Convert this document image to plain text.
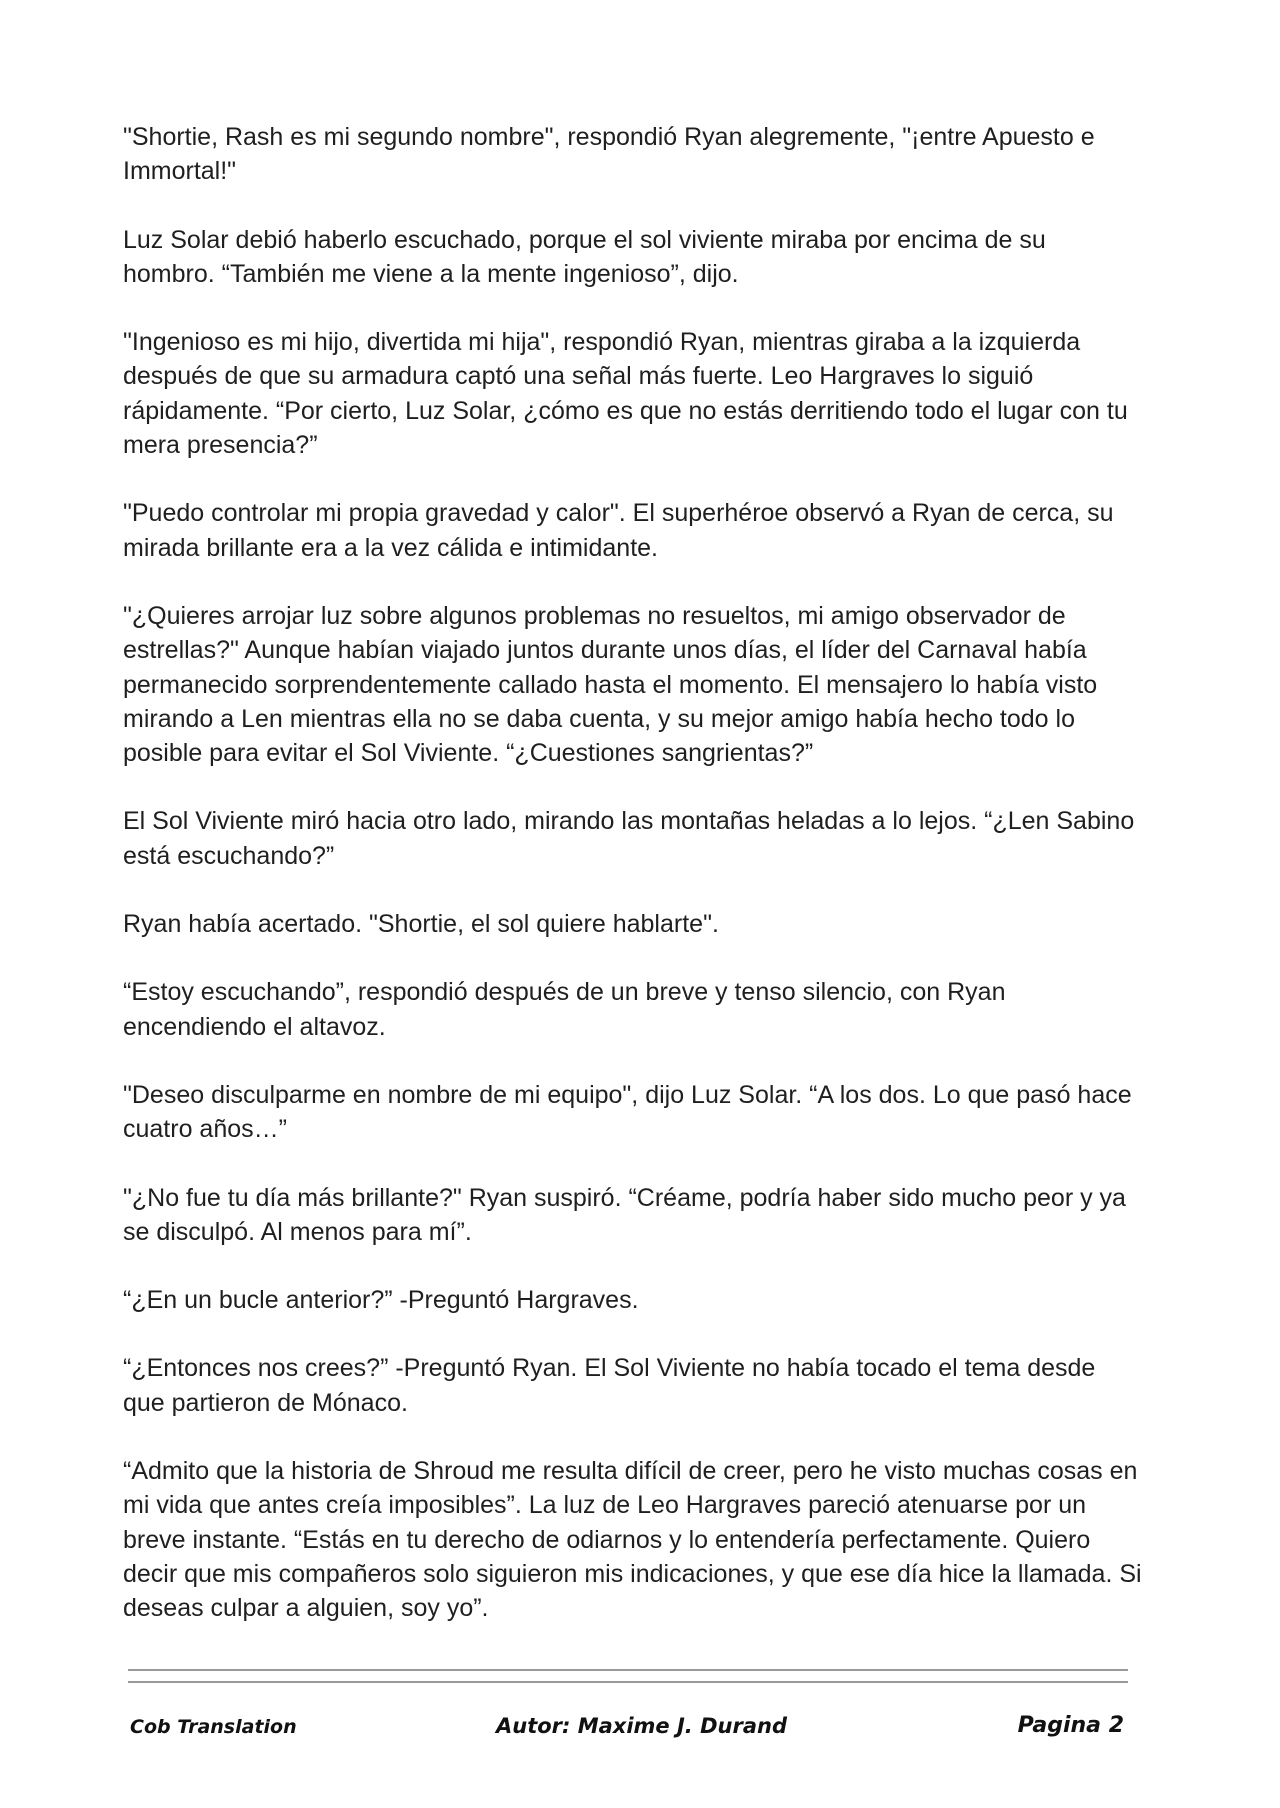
"Shortie, Rash es mi segundo nombre", respondió Ryan alegremente, "¡entre Apuesto e Immortal!"

Luz Solar debió haberlo escuchado, porque el sol viviente miraba por encima de su hombro. “También me viene a la mente ingenioso”, dijo.

"Ingenioso es mi hijo, divertida mi hija", respondió Ryan, mientras giraba a la izquierda después de que su armadura captó una señal más fuerte. Leo Hargraves lo siguió rápidamente. “Por cierto, Luz Solar, ¿cómo es que no estás derritiendo todo el lugar con tu mera presencia?”

"Puedo controlar mi propia gravedad y calor". El superhéroe observó a Ryan de cerca, su mirada brillante era a la vez cálida e intimidante.

"¿Quieres arrojar luz sobre algunos problemas no resueltos, mi amigo observador de estrellas?" Aunque habían viajado juntos durante unos días, el líder del Carnaval había permanecido sorprendentemente callado hasta el momento. El mensajero lo había visto mirando a Len mientras ella no se daba cuenta, y su mejor amigo había hecho todo lo posible para evitar el Sol Viviente. “¿Cuestiones sangrientas?”

El Sol Viviente miró hacia otro lado, mirando las montañas heladas a lo lejos. “¿Len Sabino está escuchando?”

Ryan había acertado. "Shortie, el sol quiere hablarte".

“Estoy escuchando”, respondió después de un breve y tenso silencio, con Ryan encendiendo el altavoz.

"Deseo disculparme en nombre de mi equipo", dijo Luz Solar. “A los dos. Lo que pasó hace cuatro años…”

"¿No fue tu día más brillante?" Ryan suspiró. “Créame, podría haber sido mucho peor y ya se disculpó. Al menos para mí”.

“¿En un bucle anterior?” -Preguntó Hargraves.

“¿Entonces nos crees?” -Preguntó Ryan. El Sol Viviente no había tocado el tema desde que partieron de Mónaco.

“Admito que la historia de Shroud me resulta difícil de creer, pero he visto muchas cosas en mi vida que antes creía imposibles”. La luz de Leo Hargraves pareció atenuarse por un breve instante. “Estás en tu derecho de odiarnos y lo entendería perfectamente. Quiero decir que mis compañeros solo siguieron mis indicaciones, y que ese día hice la llamada. Si deseas culpar a alguien, soy yo”.

Cob Translation	Autor: Maxime J. Durand	Pagina 2
